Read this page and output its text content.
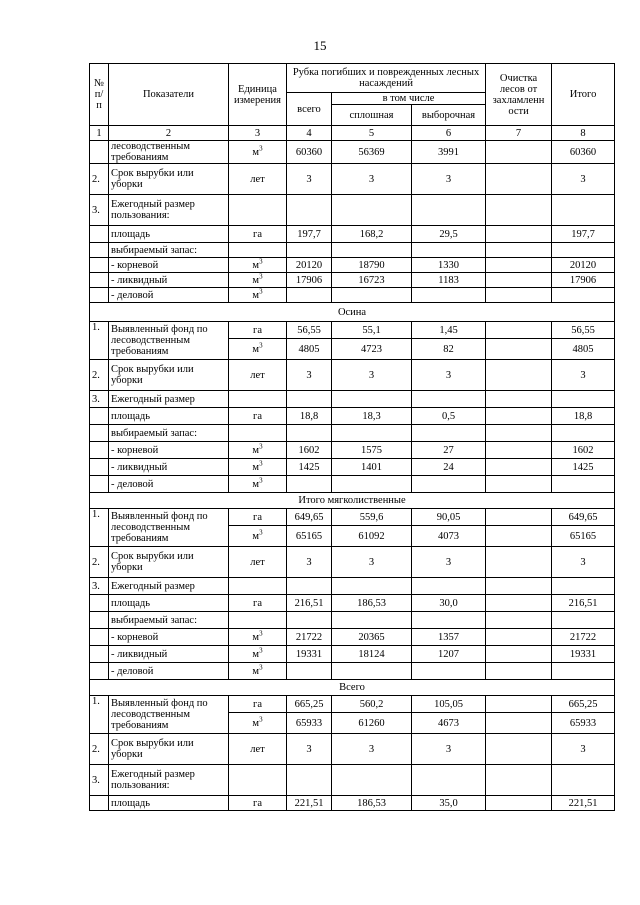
15
№ п/п	Показатели	Единица измерения	Рубка погибших и поврежденных лесных насаждений			Очистка лесов от захламленн ости	Итого
			всего	в том числе			
				сплошная	выборочная		
1	2	3	4	5	6	7	8
	лесоводственным требованиям	$м^3$	60360	56369	3991		60360
2.	Срок вырубки или уборки	лет	3	3	3		3
3.	Ежегодный размер пользования:						
	площадь	га	197,7	168,2	29,5		197,7
	выбираемый запас:						
	- корневой	$м^3$	20120	18790	1330		20120
	- ликвидный	$м^3$	17906	16723	1183		17906
	- деловой	$м^3$					
Осина							
1.	Выявленный фонд по лесоводственным требованиям	га	56,55	55,1	1,45		56,55
		$м^3$	4805	4723	82		4805
2.	Срок вырубки или уборки	лет	3	3	3		3
3.	Ежегодный размер						
	площадь	га	18,8	18,3	0,5		18,8
	выбираемый запас:						
	- корневой	$м^3$	1602	1575	27		1602
	- ликвидный	$м^3$	1425	1401	24		1425
	- деловой	$м^3$					
Итого мягколиственные							
1.	Выявленный фонд по лесоводственным требованиям	га	649,65	559,6	90,05		649,65
		$м^3$	65165	61092	4073		65165
2.	Срок вырубки или уборки	лет	3	3	3		3
3.	Ежегодный размер						
	площадь	га	216,51	186,53	30,0		216,51
	выбираемый запас:						
	- корневой	$м^3$	21722	20365	1357		21722
	- ликвидный	$м^3$	19331	18124	1207		19331
	- деловой	$м^3$					
Всего							
1.	Выявленный фонд по лесоводственным требованиям	га	665,25	560,2	105,05		665,25
		$м^3$	65933	61260	4673		65933
2.	Срок вырубки или уборки	лет	3	3	3		3
3.	Ежегодный размер пользования:						
	площадь	га	221,51	186,53	35,0		221,51
